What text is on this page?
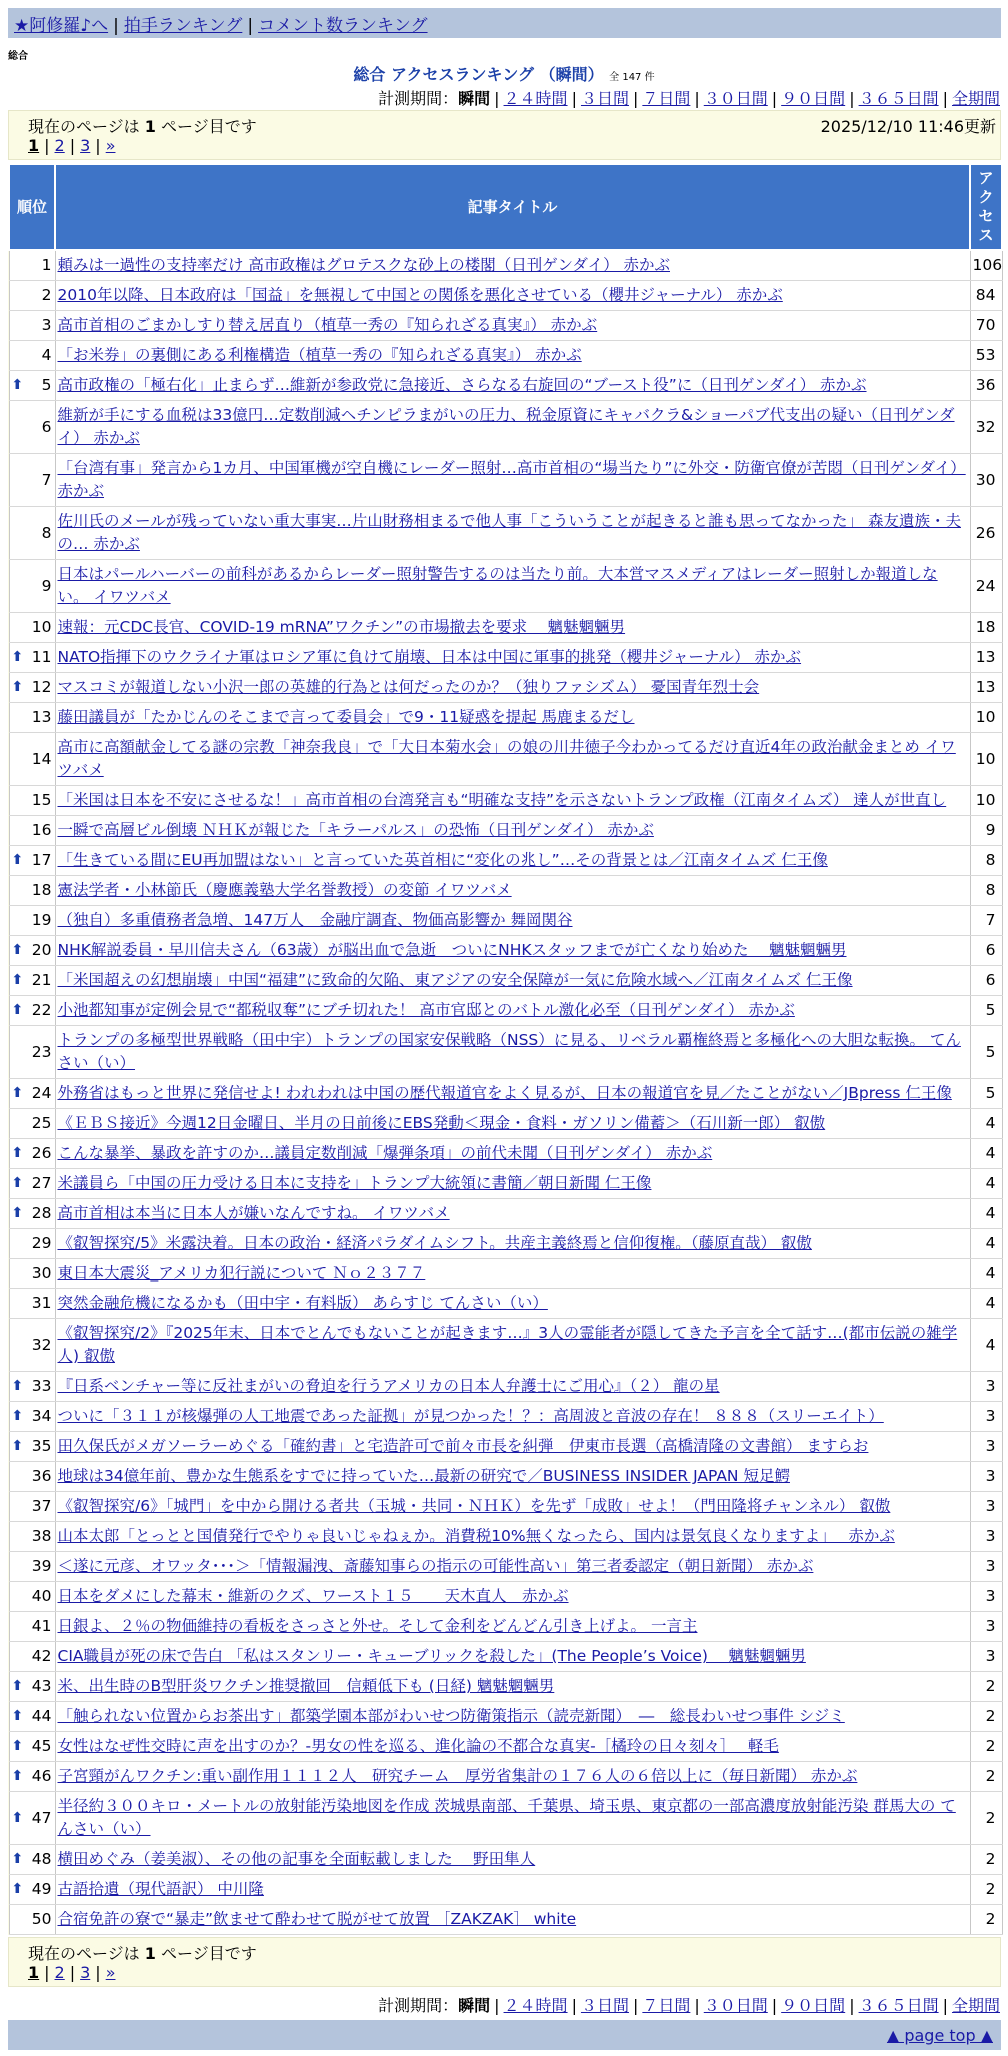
★阿修羅♪へ | 拍手ランキング | コメント数ランキング
総合
総合 アクセスランキング （瞬間） 全 147 件
計測期間：瞬間 | ２４時間 | ３日間 | ７日間 | ３０日間 | ９０日間 | ３６５日間 | 全期間
現在のページは 1 ページ目です	2025/12/10 11:46更新
1 | 2 | 3 | »
順位	記事タイトル	アクセス
1	頼みは一過性の支持率だけ 高市政権はグロテスクな砂上の楼閣（日刊ゲンダイ） 赤かぶ	106
2	2010年以降、日本政府は「国益」を無視して中国との関係を悪化させている（櫻井ジャーナル） 赤かぶ	84
3	高市首相のごまかしすり替え居直り（植草一秀の『知られざる真実』） 赤かぶ	70
4	「お米券」の裏側にある利権構造（植草一秀の『知られざる真実』） 赤かぶ	53

⬆ 5	高市政権の「極右化」止まらず…維新が参政党に急接近、さらなる右旋回の“ブースト役”に（日刊ゲンダイ） 赤かぶ	36
6	維新が手にする血税は33億円…定数削減ヘチンピラまがいの圧力、税金原資にキャバクラ&ショーパブ代支出の疑い（日刊ゲンダイ） 赤かぶ	32
7	「台湾有事」発言から1カ月、中国軍機が空自機にレーダー照射…高市首相の“場当たり”に外交・防衛官僚が苦悶（日刊ゲンダイ） 赤かぶ	30
8	佐川氏のメールが残っていない重大事実…片山財務相まるで他人事「こういうことが起きると誰も思ってなかった」 森友遺族・夫の… 赤かぶ	26
9	日本はパールハーバーの前科があるからレーダー照射警告するのは当たり前。大本営マスメディアはレーダー照射しか報道しない。 イワツバメ	24
10	速報：元CDC長官、COVID-19 mRNA”ワクチン”の市場撤去を要求　 魑魅魍魎男	18

⬆ 11	NATO指揮下のウクライナ軍はロシア軍に負けて崩壊、日本は中国に軍事的挑発（櫻井ジャーナル） 赤かぶ	13

⬆ 12	マスコミが報道しない小沢一郎の英雄的行為とは何だったのか？（独りファシズム） 憂国青年烈士会	13
13	藤田議員が「たかじんのそこまで言って委員会」で9・11疑惑を提起 馬鹿まるだし	10
14	高市に高額献金してる謎の宗教「神奈我良」で「大日本菊水会」の娘の川井徳子今わかってるだけ直近4年の政治献金まとめ イワツバメ	10
15	「米国は日本を不安にさせるな！」高市首相の台湾発言も“明確な支持”を示さないトランプ政権（江南タイムズ） 達人が世直し	10
16	一瞬で高層ビル倒壊 ＮＨＫが報じた「キラーパルス」の恐怖（日刊ゲンダイ） 赤かぶ	9

⬆ 17	「生きている間にEU再加盟はない」と言っていた英首相に“変化の兆し”…その背景とは／江南タイムズ 仁王像	8
18	憲法学者・小林節氏（慶應義塾大学名誉教授）の変節 イワツバメ	8
19	（独自）多重債務者急増、147万人　金融庁調査、物価高影響か 舞岡関谷	7

⬆ 20	NHK解説委員・早川信夫さん（63歳）が脳出血で急逝　ついにNHKスタッフまでが亡くなり始めた　 魑魅魍魎男	6

⬆ 21	「米国超えの幻想崩壊」中国“福建”に致命的欠陥、東アジアの安全保障が一気に危険水域へ／江南タイムズ 仁王像	6

⬆ 22	小池都知事が定例会見で“都税収奪”にブチ切れた！ 高市官邸とのバトル激化必至（日刊ゲンダイ） 赤かぶ	5
23	トランプの多極型世界戦略（田中宇）トランプの国家安保戦略（NSS）に見る、リベラル覇権終焉と多極化への大胆な転換。 てんさい（い）	5

⬆ 24	外務省はもっと世界に発信せよ! われわれは中国の歴代報道官をよく見るが、日本の報道官を見／たことがない／JBpress 仁王像	5
25	《ＥＢＳ接近》今週12日金曜日、半月の日前後にEBS発動＜現金・食料・ガソリン備蓄＞（石川新一郎） 叡傲	4

⬆ 26	こんな暴挙、暴政を許すのか…議員定数削減「爆弾条項」の前代未聞（日刊ゲンダイ） 赤かぶ	4

⬆ 27	米議員ら「中国の圧力受ける日本に支持を」トランプ大統領に書簡／朝日新聞 仁王像	4

⬆ 28	高市首相は本当に日本人が嫌いなんですね。 イワツバメ	4
29	《叡智探究/5》米露決着。日本の政治・経済パラダイムシフト。共産主義終焉と信仰復権。（藤原直哉） 叡傲	4
30	東日本大震災_アメリカ犯行説について Ｎｏ２３７７	4
31	突然金融危機になるかも（田中宇・有料版） あらすじ てんさい（い）	4
32	《叡智探究/2》『2025年末、日本でとんでもないことが起きます…』3人の霊能者が隠してきた予言を全て話す…(都市伝説の雑学人) 叡傲	4

⬆ 33	『日系ベンチャー等に反社まがいの脅迫を行うアメリカの日本人弁護士にご用心』（２） 龍の星	3

⬆ 34	ついに「３１１が核爆弾の人工地震であった証拠」が見つかった！？：高周波と音波の存在！ ８８８（スリーエイト）	3

⬆ 35	田久保氏がメガソーラーめぐる「確約書」と宅造許可で前々市長を糾弾　伊東市長選（高橋清隆の文書館） ますらお	3
36	地球は34億年前、豊かな生態系をすでに持っていた…最新の研究で／BUSINESS INSIDER JAPAN 短足鰐	3
37	《叡智探究/6》「城門」を中から開ける者共（玉城・共同・ＮＨＫ）を先ず「成敗」せよ！（門田隆将チャンネル） 叡傲	3
38	山本太郎「とっとと国債発行でやりゃ良いじゃねぇか。消費税10%無くなったら、国内は景気良くなりますよ」　 赤かぶ	3
39	＜遂に元彦、オワッタ･･･＞「情報漏洩、斎藤知事らの指示の可能性高い」第三者委認定（朝日新聞） 赤かぶ	3
40	日本をダメにした幕末・維新のクズ、ワースト１５　　天木直人　赤かぶ	3
41	日銀よ、２％の物価維持の看板をさっさと外せ。そして金利をどんどん引き上げよ。 一言主	3
42	CIA職員が死の床で告白 「私はスタンリー・キューブリックを殺した」(The People’s Voice)　 魑魅魍魎男	3

⬆ 43	米、出生時のB型肝炎ワクチン推奨撤回　信頼低下も (日経) 魑魅魍魎男	2

⬆ 44	「触られない位置からお茶出す」都築学園本部がわいせつ防衛策指示（読売新聞）　―　総長わいせつ事件 シジミ	2

⬆ 45	女性はなぜ性交時に声を出すのか？-男女の性を巡る、進化論の不都合な真実-［橘玲の日々刻々］　 軽毛	2

⬆ 46	子宮頸がんワクチン:重い副作用１１１２人　研究チーム　厚労省集計の１７６人の６倍以上に（毎日新聞） 赤かぶ	2

⬆ 47	半径約３００キロ・メートルの放射能汚染地図を作成 茨城県南部、千葉県、埼玉県、東京都の一部高濃度放射能汚染 群馬大の てんさい（い）	2

⬆ 48	横田めぐみ（姜美淑）、その他の記事を全面転載しました　 野田隼人	2

⬆ 49	古語拾遺（現代語訳） 中川隆	2
50	合宿免許の寮で“暴走”飲ませて酔わせて脱がせて放置 ［ZAKZAK］ white	2
現在のページは 1 ページ目です
1 | 2 | 3 | »
計測期間：瞬間 | ２４時間 | ３日間 | ７日間 | ３０日間 | ９０日間 | ３６５日間 | 全期間
▲ page top ▲
